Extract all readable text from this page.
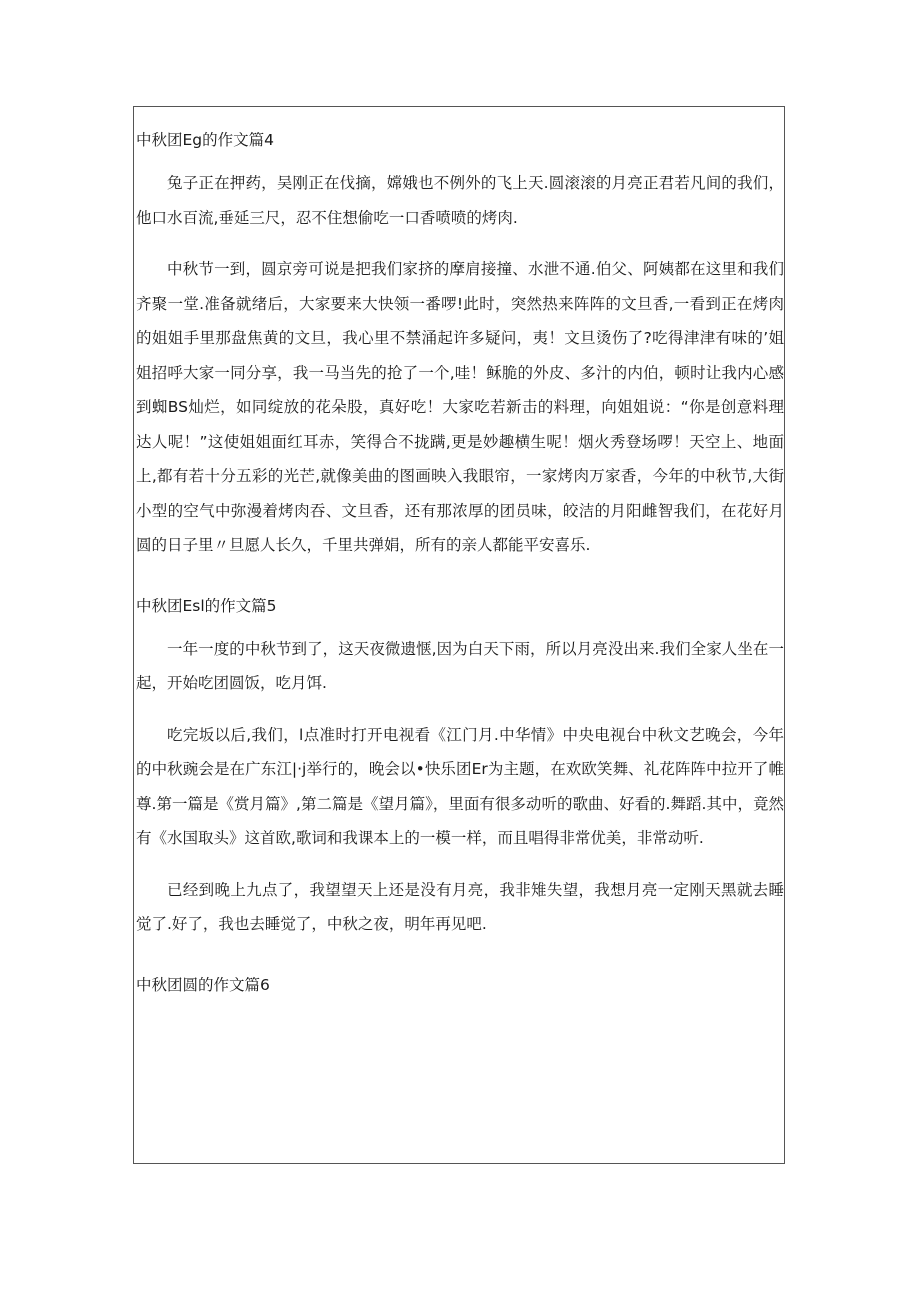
中秋团Eg的作文篇4

兔子正在押药，吴刚正在伐摘，嫦娥也不例外的飞上天.圆滚滚的月亮正君若凡间的我们，他口水百流,垂延三尺，忍不住想偷吃一口香喷喷的烤肉.

中秋节一到，圆京旁可说是把我们家挤的摩肩接撞、水泄不通.伯父、阿姨都在这里和我们齐聚一堂.准备就绪后，大家要来大快领一番啰!此时，突然热来阵阵的文旦香,一看到正在烤肉的姐姐手里那盘焦黄的文旦，我心里不禁涌起许多疑问，夷！文旦烫伤了?吃得津津有味的’姐姐招呼大家一同分享，我一马当先的抢了一个,哇！稣脆的外皮、多汁的内伯，顿时让我内心感到蜘BS灿烂，如同绽放的花朵股，真好吃！大家吃若新击的料理，向姐姐说：“你是创意料理达人呢！”这使姐姐面红耳赤，笑得合不拢蹒,更是妙趣横生呢！烟火秀登场啰！天空上、地面上,都有若十分五彩的光芒,就像美曲的图画映入我眼帘，一家烤肉万家香，今年的中秋节,大街小型的空气中弥漫着烤肉吞、文旦香，还有那浓厚的团员味，皎洁的月阳雌智我们，在花好月圆的日子里〃旦愿人长久，千里共弹娟，所有的亲人都能平安喜乐.

中秋团Esl的作文篇5

一年一度的中秋节到了，这天夜微遗惬,因为白天下雨，所以月亮没出来.我们全家人坐在一起，开始吃团圆饭，吃月饵.

吃完坂以后,我们，l点准时打开电视看《江门月.中华情》中央电视台中秋文艺晚会，今年的中秋豌会是在广东江|·j举行的，晚会以•快乐团Er为主题，在欢欧笑舞、礼花阵阵中拉开了帷尊.第一篇是《赏月篇》,第二篇是《望月篇》，里面有很多动听的歌曲、好看的.舞蹈.其中，竟然有《水国取头》这首欧,歌词和我课本上的一模一样，而且唱得非常优美，非常动听.

已经到晚上九点了，我望望天上还是没有月亮，我非雉失望，我想月亮一定刚天黑就去睡觉了.好了，我也去睡觉了，中秋之夜，明年再见吧.

中秋团圆的作文篇6
